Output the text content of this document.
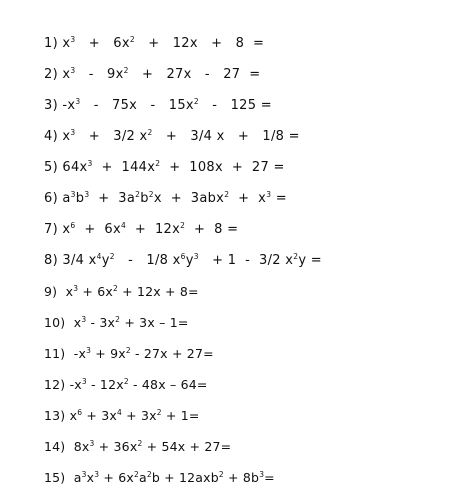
1) $x^3 + 6x^2 + 12x + 8$  =
2) $x^3 - 9x^2 + 27x - 27$  =
3) $-x^3 - 75x - 15x^2 - 125$ =
4) $x^3 + 3/2$ $x^2 + 3/4$ x   +   1/8 =
5) $64x^3 + 144x^2 + 108x + 27$ =
6) $a^3b^3 + 3a^2b^2x + 3abx^2 + x^3$ =
7) $x^6 + 6x^4 + 12x^2 + 8$ =
8) 3/4 $x^4y^2 - 1/8$ $x^6y^3 + 1 - 3/2$ $x^2y$ =
9) $x^3 + 6x^2 + 12x + 8=$
10) $x^3 - 3x^2 + 3x - 1=$
11) $-x^3 + 9x^2 - 27x + 27=$
12) $-x^3 - 12x^2 - 48x - 64=$
13) $x^6 + 3x^4 + 3x^2 + 1=$
14) $8x^3 + 36x^2 + 54x + 27=$
15) $a^3x^3 + 6x^2a^2b + 12axb^2 + 8b^3=$
